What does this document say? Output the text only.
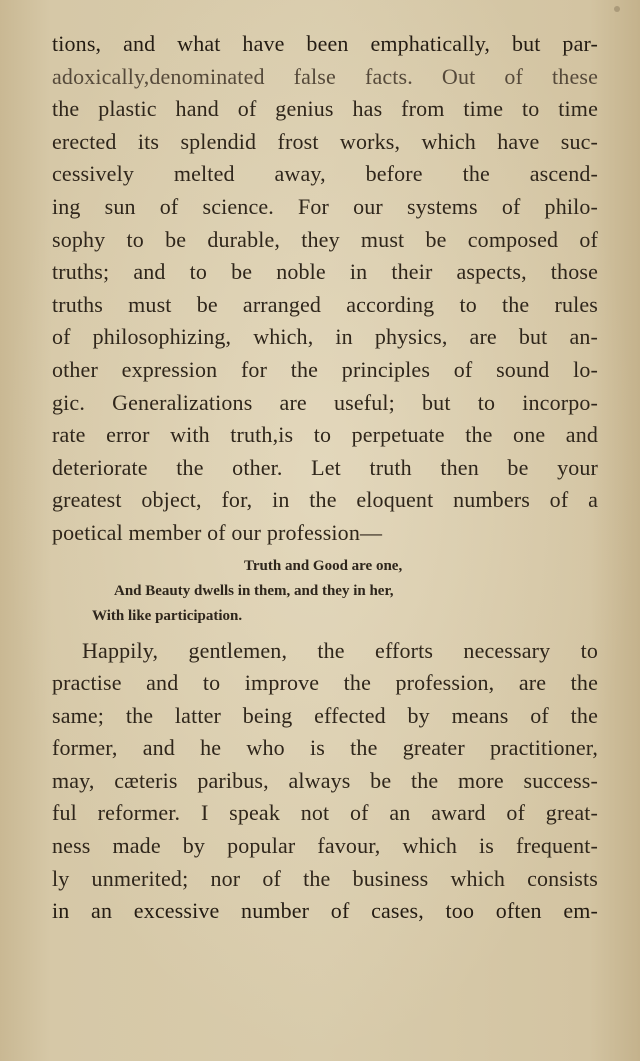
tions, and what have been emphatically, but par-
adoxically,denominated false facts. Out of these
the plastic hand of genius has from time to time
erected its splendid frost works, which have suc-
cessively melted away, before the ascend-
ing sun of science. For our systems of philo-
sophy to be durable, they must be composed of
truths; and to be noble in their aspects, those
truths must be arranged according to the rules
of philosophizing, which, in physics, are but an-
other expression for the principles of sound lo-
gic. Generalizations are useful; but to incorpo-
rate error with truth,is to perpetuate the one and
deteriorate the other. Let truth then be your
greatest object, for, in the eloquent numbers of a
poetical member of our profession—
Truth and Good are one,
And Beauty dwells in them, and they in her,
With like participation.
Happily, gentlemen, the efforts necessary to
practise and to improve the profession, are the
same; the latter being effected by means of the
former, and he who is the greater practitioner,
may, cæteris paribus, always be the more success-
ful reformer. I speak not of an award of great-
ness made by popular favour, which is frequent-
ly unmerited; nor of the business which consists
in an excessive number of cases, too often em-
